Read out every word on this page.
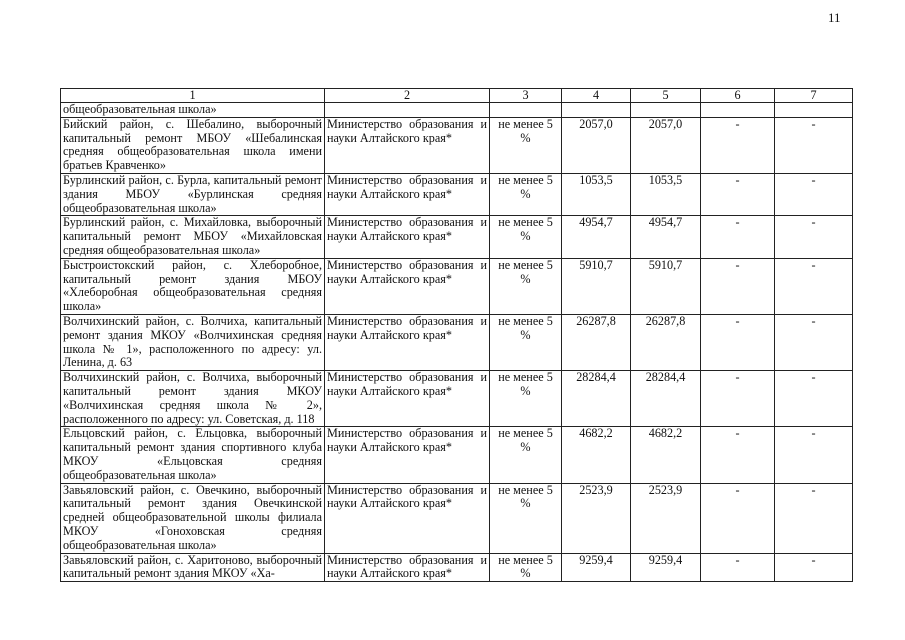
11
1	2	3	4	5	6	7
общеобразовательная школа»						
Бийский район, с. Шебалино, выборочный капитальный ремонт МБОУ «Шебалинская средняя общеобразовательная школа имени братьев Кравченко»	Министерство образования и науки Алтайского края*	не менее 5 %	2057,0	2057,0	-	-
Бурлинский район, с. Бурла, капитальный ремонт здания МБОУ «Бурлинская средняя общеобразовательная школа»	Министерство образования и науки Алтайского края*	не менее 5 %	1053,5	1053,5	-	-
Бурлинский район, с. Михайловка, выборочный капитальный ремонт МБОУ «Михайловская средняя общеобразовательная школа»	Министерство образования и науки Алтайского края*	не менее 5 %	4954,7	4954,7	-	-
Быстроистокский район, с. Хлеборобное, капитальный ремонт здания МБОУ «Хлеборобная общеобразовательная средняя школа»	Министерство образования и науки Алтайского края*	не менее 5 %	5910,7	5910,7	-	-
Волчихинский район, с. Волчиха, капитальный ремонт здания МКОУ «Волчихинская средняя школа № 1», расположенного по адресу: ул. Ленина, д. 63	Министерство образования и науки Алтайского края*	не менее 5 %	26287,8	26287,8	-	-
Волчихинский район, с. Волчиха, выборочный капитальный ремонт здания МКОУ «Волчихинская средняя школа № 2», расположенного по адресу: ул. Советская, д. 118	Министерство образования и науки Алтайского края*	не менее 5 %	28284,4	28284,4	-	-
Ельцовский район, с. Ельцовка, выборочный капитальный ремонт здания спортивного клуба МКОУ «Ельцовская средняя общеобразовательная школа»	Министерство образования и науки Алтайского края*	не менее 5 %	4682,2	4682,2	-	-
Завьяловский район, с. Овечкино, выборочный капитальный ремонт здания Овечкинской средней общеобразовательной школы филиала МКОУ «Гоноховская средняя общеобразовательная школа»	Министерство образования и науки Алтайского края*	не менее 5 %	2523,9	2523,9	-	-
Завьяловский район, с. Харитоново, выборочный капитальный ремонт здания МКОУ «Ха-	Министерство образования и науки Алтайского края*	не менее 5 %	9259,4	9259,4	-	-
